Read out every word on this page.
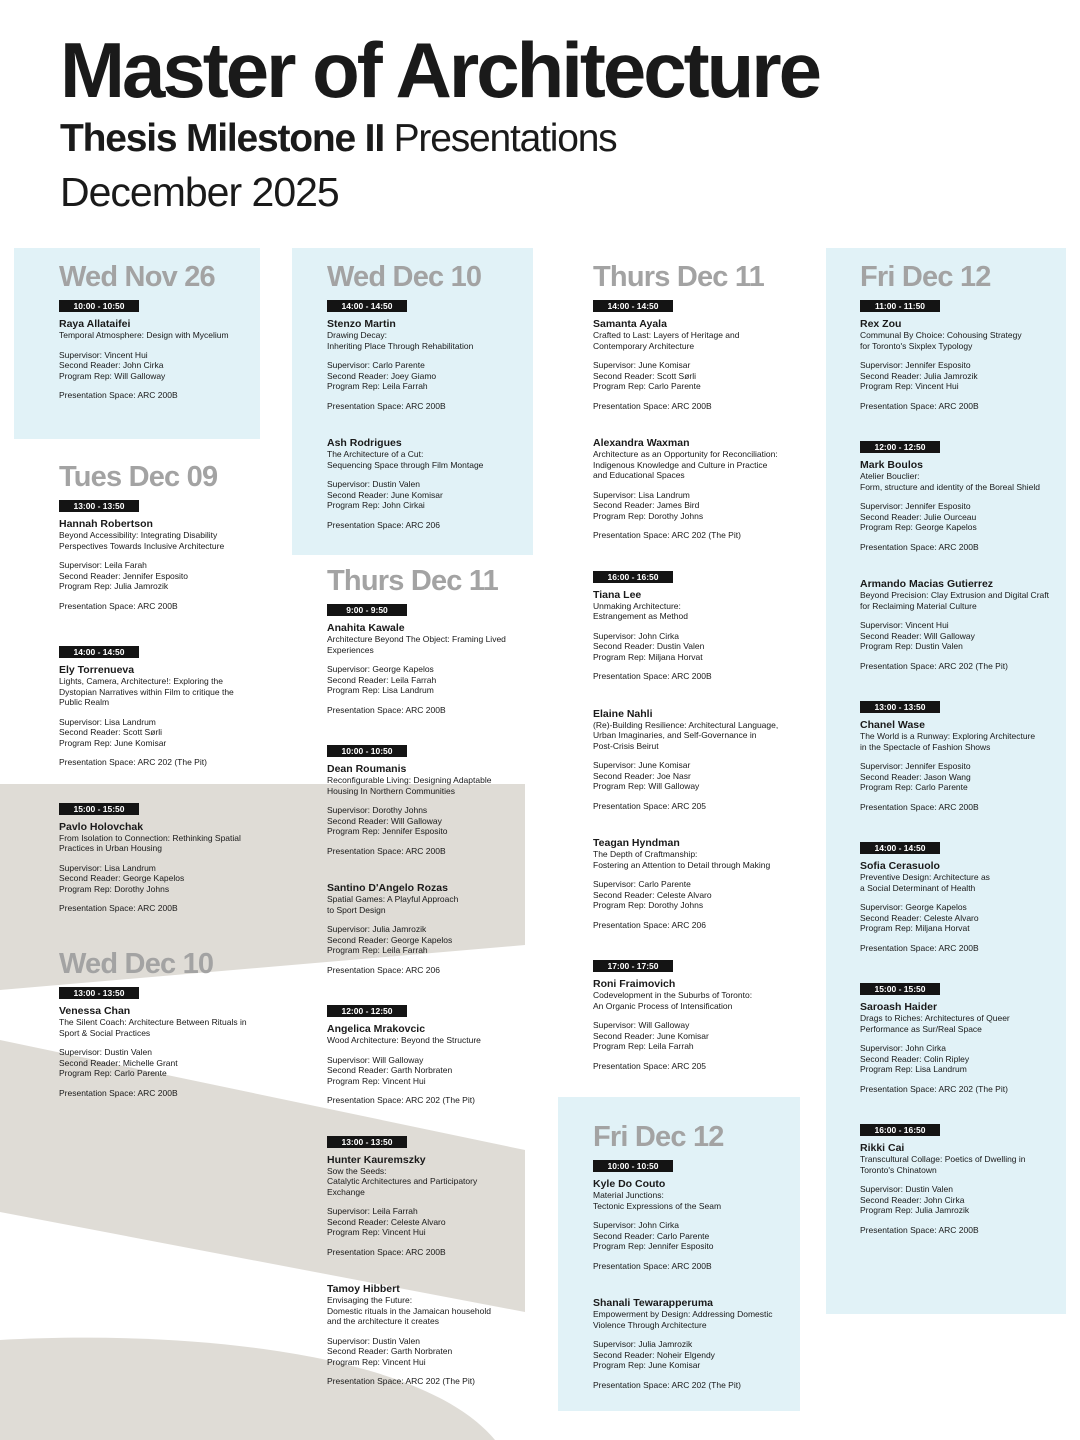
Master of Architecture
Thesis Milestone II Presentations
December 2025
Wed Nov 26
10:00 - 10:50

Raya Allataifei
Temporal Atmosphere: Design with Mycelium
Supervisor: Vincent Hui
Second Reader: John Cirka
Program Rep: Will Galloway
Presentation Space: ARC 200B
Tues Dec 09
13:00 - 13:50

Hannah Robertson
Beyond Accessibility: Integrating Disability
Perspectives Towards Inclusive Architecture
Supervisor: Leila Farah
Second Reader: Jennifer Esposito
Program Rep: Julia Jamrozik
Presentation Space: ARC 200B
14:00 - 14:50

Ely Torrenueva
Lights, Camera, Architecture!: Exploring the
Dystopian Narratives within Film to critique the
Public Realm
Supervisor: Lisa Landrum
Second Reader: Scott Sørli
Program Rep: June Komisar
Presentation Space: ARC 202 (The Pit)
15:00 - 15:50

Pavlo Holovchak
From Isolation to Connection: Rethinking Spatial
Practices in Urban Housing
Supervisor: Lisa Landrum
Second Reader: George Kapelos
Program Rep: Dorothy Johns
Presentation Space: ARC 200B
Wed Dec 10
13:00 - 13:50

Venessa Chan
The Silent Coach: Architecture Between Rituals in
Sport & Social Practices
Supervisor: Dustin Valen
Second Reader: Michelle Grant
Program Rep: Carlo Parente
Presentation Space: ARC 200B
Wed Dec 10
14:00 - 14:50

Stenzo Martin
Drawing Decay:
Inheriting Place Through Rehabilitation
Supervisor: Carlo Parente
Second Reader: Joey Giamo
Program Rep: Leila Farrah
Presentation Space: ARC 200B
Ash Rodrigues
The Architecture of a Cut:
Sequencing Space through Film Montage
Supervisor: Dustin Valen
Second Reader: June Komisar
Program Rep: John Cirkai
Presentation Space: ARC 206
Thurs Dec 11
9:00 - 9:50

Anahita Kawale
Architecture Beyond The Object: Framing Lived
Experiences
Supervisor: George Kapelos
Second Reader: Leila Farrah
Program Rep: Lisa Landrum
Presentation Space: ARC 200B
10:00 - 10:50

Dean Roumanis
Reconfigurable Living: Designing Adaptable
Housing In Northern Communities
Supervisor: Dorothy Johns
Second Reader: Will Galloway
Program Rep: Jennifer Esposito
Presentation Space: ARC 200B
Santino D'Angelo Rozas
Spatial Games: A Playful Approach
to Sport Design
Supervisor: Julia Jamrozik
Second Reader: George Kapelos
Program Rep: Leila Farrah
Presentation Space: ARC 206
12:00 - 12:50

Angelica Mrakovcic
Wood Architecture: Beyond the Structure
Supervisor: Will Galloway
Second Reader: Garth Norbraten
Program Rep: Vincent Hui
Presentation Space: ARC 202 (The Pit)
13:00 - 13:50

Hunter Kauremszky
Sow the Seeds:
Catalytic Architectures and Participatory
Exchange
Supervisor: Leila Farrah
Second Reader: Celeste Alvaro
Program Rep: Vincent Hui
Presentation Space: ARC 200B
Tamoy Hibbert
Envisaging the Future:
Domestic rituals in the Jamaican household
and the architecture it creates
Supervisor: Dustin Valen
Second Reader: Garth Norbraten
Program Rep: Vincent Hui
Presentation Space: ARC 202 (The Pit)
Thurs Dec 11
14:00 - 14:50

Samanta Ayala
Crafted to Last: Layers of Heritage and
Contemporary Architecture
Supervisor: June Komisar
Second Reader: Scott Sørli
Program Rep: Carlo Parente
Presentation Space: ARC 200B
Alexandra Waxman
Architecture as an Opportunity for Reconciliation:
Indigenous Knowledge and Culture in Practice
and Educational Spaces
Supervisor: Lisa Landrum
Second Reader: James Bird
Program Rep: Dorothy Johns
Presentation Space: ARC 202 (The Pit)
16:00 - 16:50

Tiana Lee
Unmaking Architecture:
Estrangement as Method
Supervisor: John Cirka
Second Reader: Dustin Valen
Program Rep: Miljana Horvat
Presentation Space: ARC 200B
Elaine Nahli
(Re)-Building Resilience: Architectural Language,
Urban Imaginaries, and Self-Governance in
Post-Crisis Beirut
Supervisor: June Komisar
Second Reader: Joe Nasr
Program Rep: Will Galloway
Presentation Space: ARC 205
Teagan Hyndman
The Depth of Craftmanship:
Fostering an Attention to Detail through Making
Supervisor: Carlo Parente
Second Reader: Celeste Alvaro
Program Rep: Dorothy Johns
Presentation Space: ARC 206
17:00 - 17:50

Roni Fraimovich
Codevelopment in the Suburbs of Toronto:
An Organic Process of Intensification
Supervisor: Will Galloway
Second Reader: June Komisar
Program Rep: Leila Farrah
Presentation Space: ARC 205
Fri Dec 12
10:00 - 10:50

Kyle Do Couto
Material Junctions:
Tectonic Expressions of the Seam
Supervisor: John Cirka
Second Reader: Carlo Parente
Program Rep: Jennifer Esposito
Presentation Space: ARC 200B
Shanali Tewarapperuma
Empowerment by Design: Addressing Domestic
Violence Through Architecture
Supervisor: Julia Jamrozik
Second Reader: Noheir Elgendy
Program Rep: June Komisar
Presentation Space: ARC 202 (The Pit)
Fri Dec 12
11:00 - 11:50

Rex Zou
Communal By Choice: Cohousing Strategy
for Toronto's Sixplex Typology
Supervisor: Jennifer Esposito
Second Reader: Julia Jamrozik
Program Rep: Vincent Hui
Presentation Space: ARC 200B
12:00 - 12:50

Mark Boulos
Atelier Bouclier:
Form, structure and identity of the Boreal Shield
Supervisor: Jennifer Esposito
Second Reader: Julie Ourceau
Program Rep: George Kapelos
Presentation Space: ARC 200B
Armando Macias Gutierrez
Beyond Precision: Clay Extrusion and Digital Craft
for Reclaiming Material Culture
Supervisor: Vincent Hui
Second Reader: Will Galloway
Program Rep: Dustin Valen
Presentation Space: ARC 202 (The Pit)
13:00 - 13:50

Chanel Wase
The World is a Runway: Exploring Architecture
in the Spectacle of Fashion Shows
Supervisor: Jennifer Esposito
Second Reader: Jason Wang
Program Rep: Carlo Parente
Presentation Space: ARC 200B
14:00 - 14:50

Sofia Cerasuolo
Preventive Design: Architecture as
a Social Determinant of Health
Supervisor: George Kapelos
Second Reader: Celeste Alvaro
Program Rep: Miljana Horvat
Presentation Space: ARC 200B
15:00 - 15:50

Saroash Haider
Drags to Riches: Architectures of Queer
Performance as Sur/Real Space
Supervisor: John Cirka
Second Reader: Colin Ripley
Program Rep: Lisa Landrum
Presentation Space: ARC 202 (The Pit)
16:00 - 16:50

Rikki Cai
Transcultural Collage: Poetics of Dwelling in
Toronto's Chinatown
Supervisor: Dustin Valen
Second Reader: John Cirka
Program Rep: Julia Jamrozik
Presentation Space: ARC 200B
